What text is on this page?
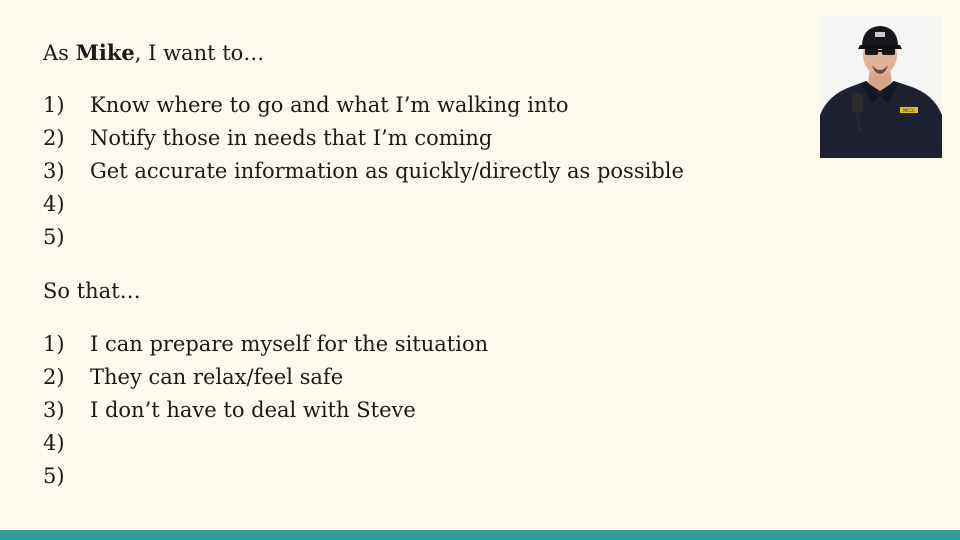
As Mike, I want to…

1)	Know where to go and what I’m walking into
2)	Notify those in needs that I’m coming
3)	Get accurate information as quickly/directly as possible
4)
5)

So that…

1)	I can prepare myself for the situation
2)	They can relax/feel safe
3)	I don’t have to deal with Steve
4)
5)
MCCC
